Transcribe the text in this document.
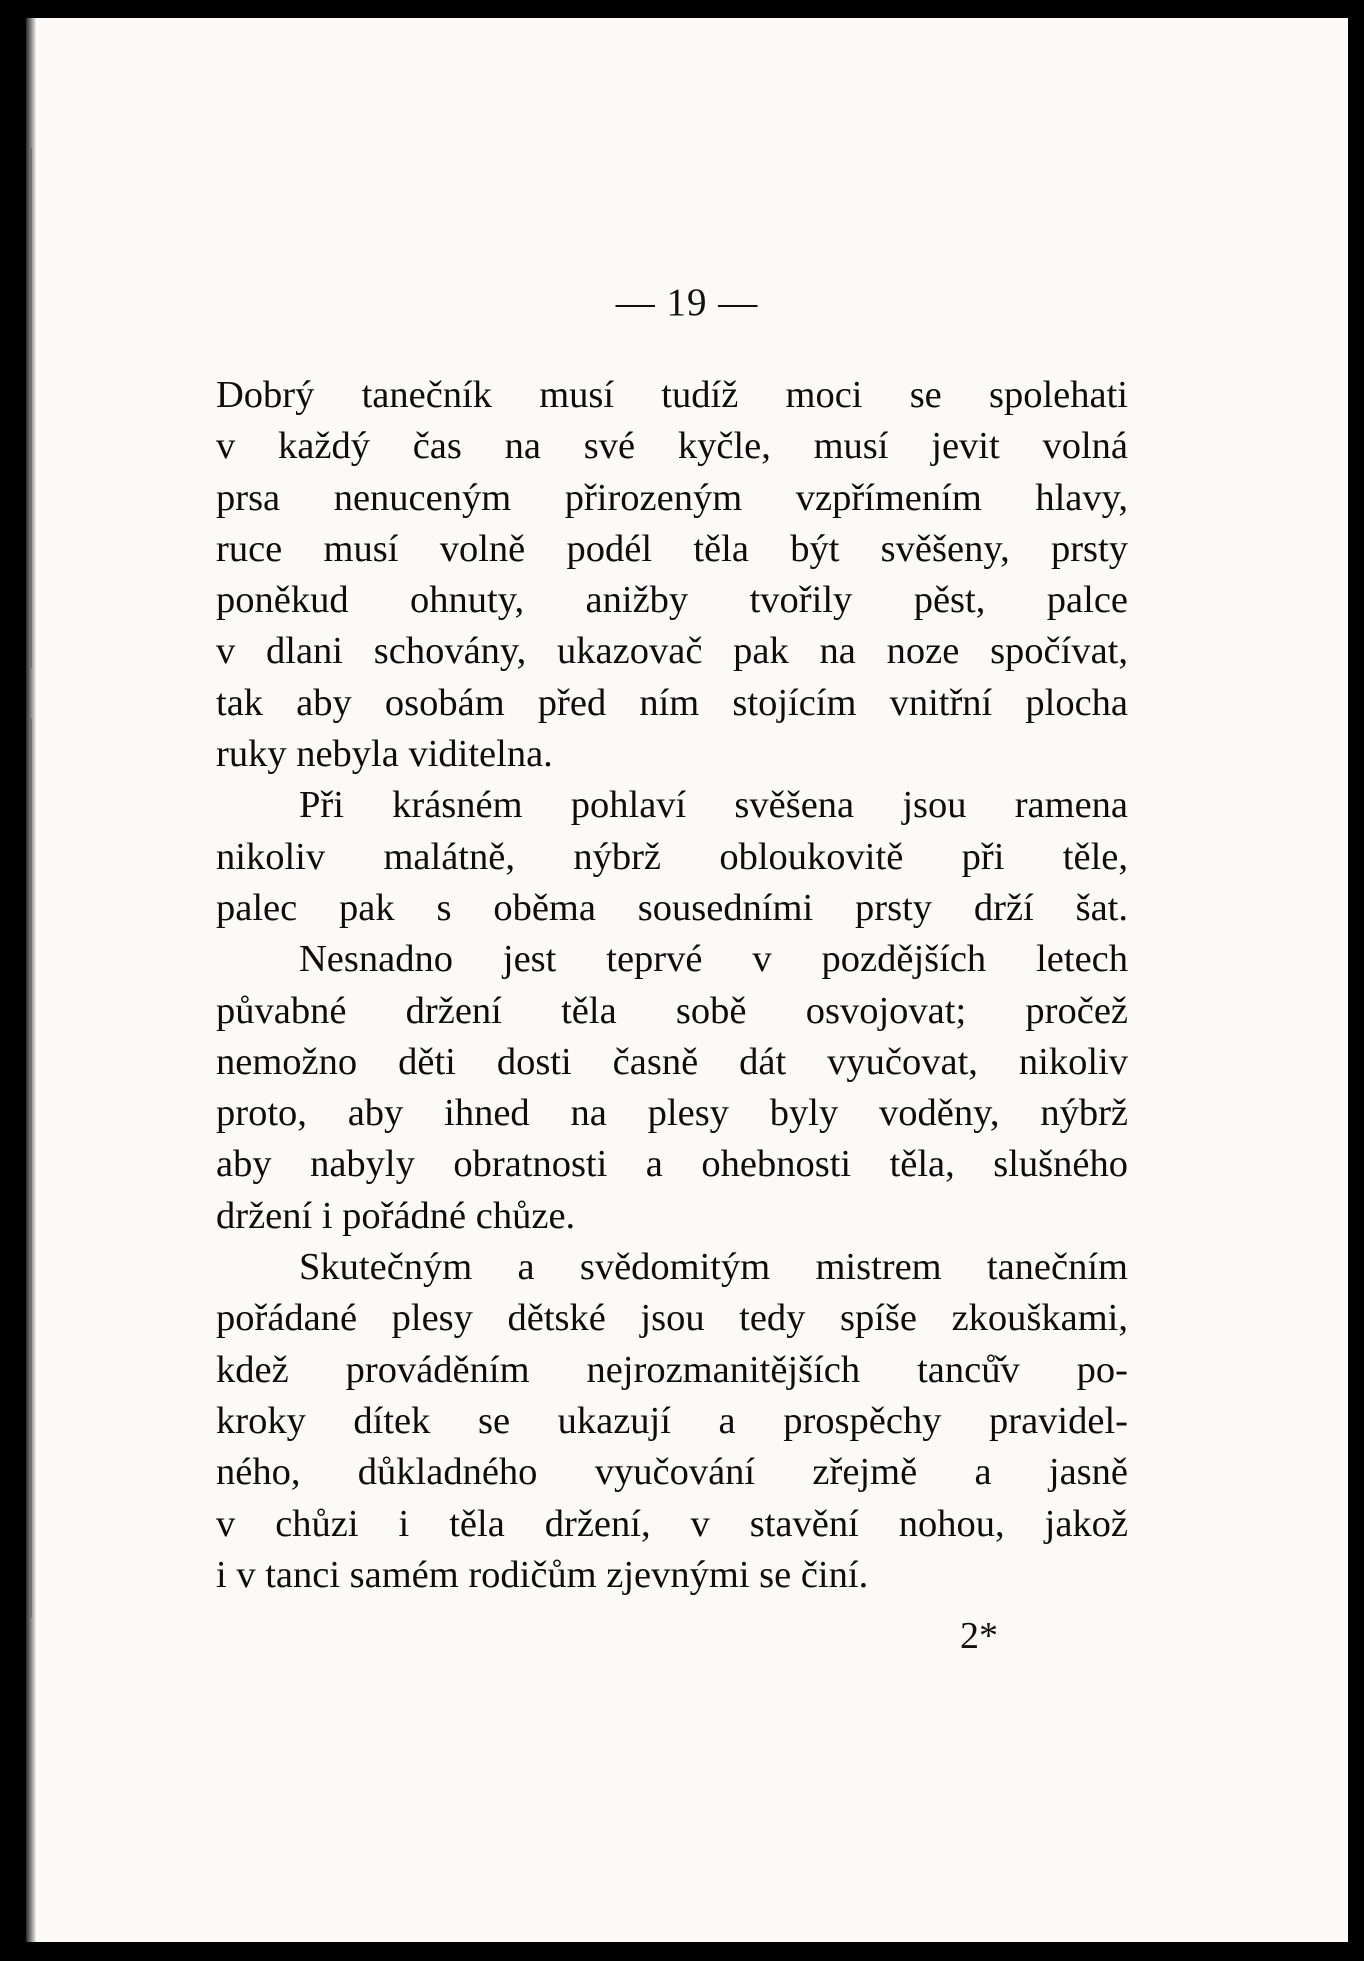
— 19 —
Dobrý tanečník musí tudíž moci se spolehati
v každý čas na své kyčle, musí jevit volná
prsa nenuceným přirozeným vzpřímením hlavy,
ruce musí volně podél těla být svěšeny, prsty
poněkud ohnuty, anižby tvořily pěst, palce
v dlani schovány, ukazovač pak na noze spočívat,
tak aby osobám před ním stojícím vnitřní plocha
ruky nebyla viditelna.
Při krásném pohlaví svěšena jsou ramena
nikoliv malátně, nýbrž obloukovitě při těle,
palec pak s oběma sousedními prsty drží šat.
Nesnadno jest teprvé v pozdějších letech
půvabné držení těla sobě osvojovat; pročež
nemožno děti dosti časně dát vyučovat, nikoliv
proto, aby ihned na plesy byly voděny, nýbrž
aby nabyly obratnosti a ohebnosti těla, slušného
držení i pořádné chůze.
Skutečným a svědomitým mistrem tanečním
pořádané plesy dětské jsou tedy spíše zkouškami,
kdež prováděním nejrozmanitějších tanců̌v po-
kroky dítek se ukazují a prospěchy pravidel-
ného, důkladného vyučování zřejmě a jasně
v chůzi i těla držení, v stavění nohou, jakož
i v tanci samém rodičům zjevnými se činí.
2*
